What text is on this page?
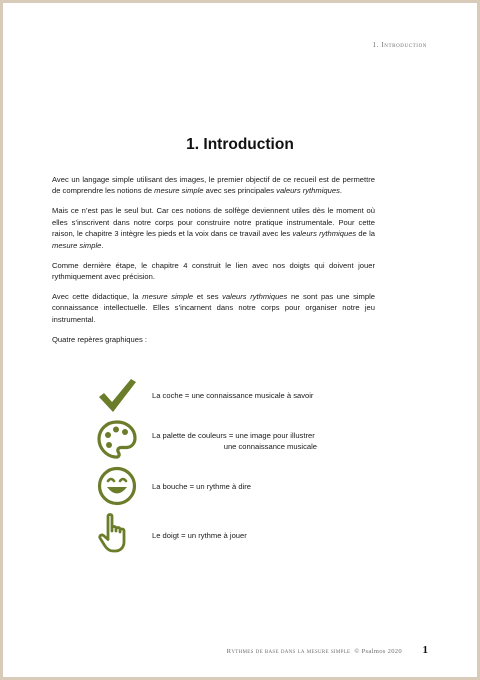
1. Introduction
1. Introduction

Avec un langage simple utilisant des images, le premier objectif de ce recueil est de permettre de comprendre les notions de mesure simple avec ses principales valeurs rythmiques.

Mais ce n’est pas le seul but. Car ces notions de solfège deviennent utiles dès le moment où elles s’inscrivent dans notre corps pour construire notre pratique instrumentale. Pour cette raison, le chapitre 3 intègre les pieds et la voix dans ce travail avec les valeurs rythmiques de la mesure simple.

Comme dernière étape, le chapitre 4 construit le lien avec nos doigts qui doivent jouer rythmiquement avec précision.

Avec cette didactique, la mesure simple et ses valeurs rythmiques ne sont pas une simple connaissance intellectuelle. Elles s’incarnent dans notre corps pour organiser notre jeu instrumental.

Quatre repères graphiques :

La coche = une connaissance musicale à savoir
La palette de couleurs = une image pour illustrer
une connaissance musicale
La bouche = un rythme à dire
Le doigt = un rythme à jouer
Rythmes de base dans la mesure simple © Psalmos 2020 1
